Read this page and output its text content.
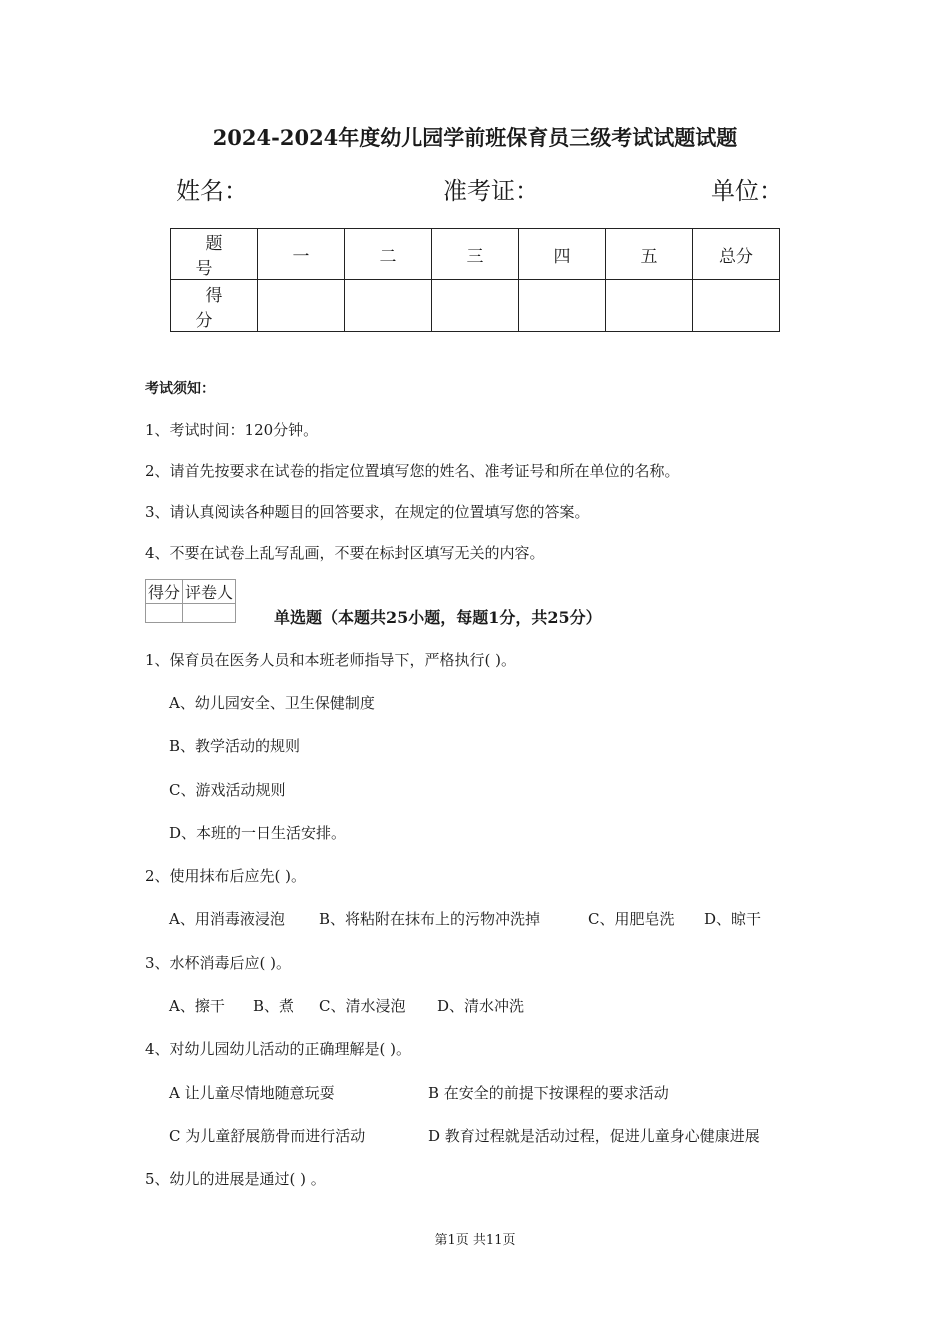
2024-2024年度幼儿园学前班保育员三级考试试题试题
姓名：	准考证：	单位：
题号	一	二	三	四	五	总分
得分						
考试须知：
1、考试时间：120分钟。
2、请首先按要求在试卷的指定位置填写您的姓名、准考证号和所在单位的名称。
3、请认真阅读各种题目的回答要求，在规定的位置填写您的答案。
4、不要在试卷上乱写乱画，不要在标封区填写无关的内容。
得分	评卷人

单选题（本题共25小题，每题1分，共25分）
1、保育员在医务人员和本班老师指导下，严格执行( )。
A、幼儿园安全、卫生保健制度
B、教学活动的规则
C、游戏活动规则
D、本班的一日生活安排。
2、使用抹布后应先( )。
A、用消毒液浸泡 B、将粘附在抹布上的污物冲洗掉	C、用肥皂洗 D、晾干
3、水杯消毒后应( )。
A、擦干 B、煮 C、清水浸泡 D、清水冲洗
4、对幼儿园幼儿活动的正确理解是( )。
A 让儿童尽情地随意玩耍	B 在安全的前提下按课程的要求活动
C 为儿童舒展筋骨而进行活动	D 教育过程就是活动过程，促进儿童身心健康进展
5、幼儿的进展是通过( ) 。
第1页 共11页
